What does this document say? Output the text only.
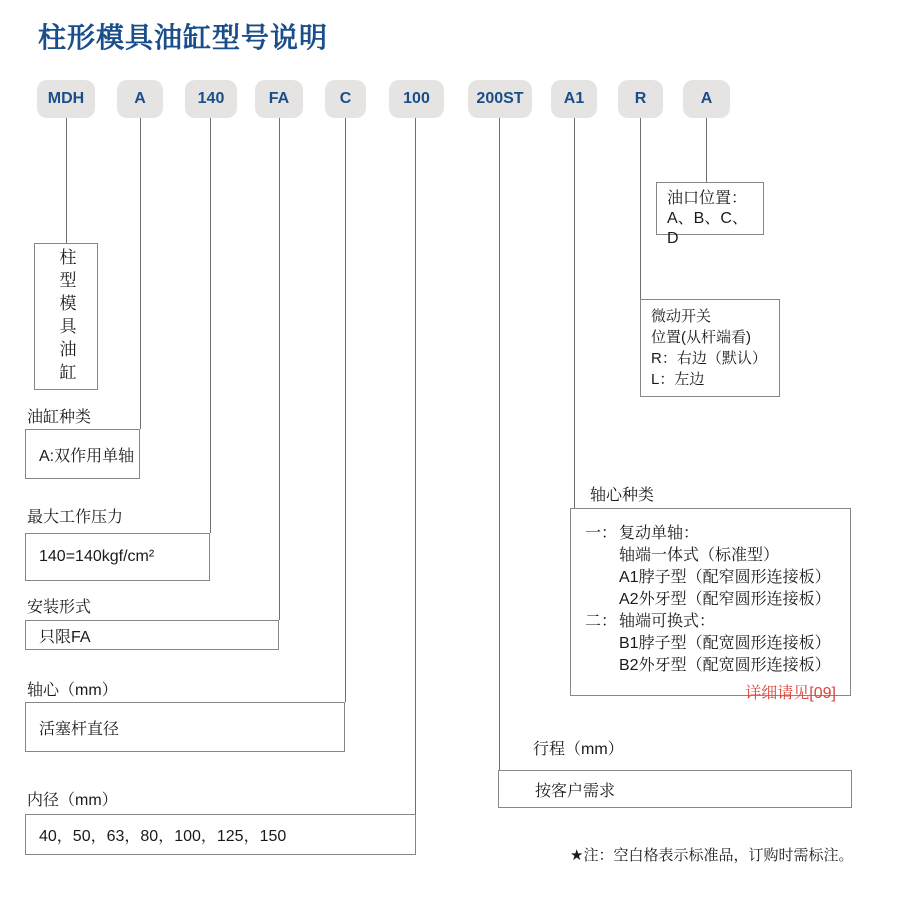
柱形模具油缸型号说明
MDH	A	140	FA	C	100	200ST	A1	R	A
柱型模具油缸
油缸种类
A:双作用单轴
最大工作压力
140=140kgf/cm²
安装形式
只限FA
轴心（mm）
活塞杆直径
内径（mm）
40，50，63，80，100，125，150
油口位置：
A、B、C、D
微动开关
位置(从杆端看)
R：右边（默认）
L：左边
轴心种类
一： 复动单轴：
轴端一体式（标准型）
A1脖子型（配窄圆形连接板）
A2外牙型（配窄圆形连接板）
二： 轴端可换式：
B1脖子型（配宽圆形连接板）
B2外牙型（配宽圆形连接板）
详细请见[09]
行程（mm）
按客户需求
★注：空白格表示标准品，订购时需标注。
